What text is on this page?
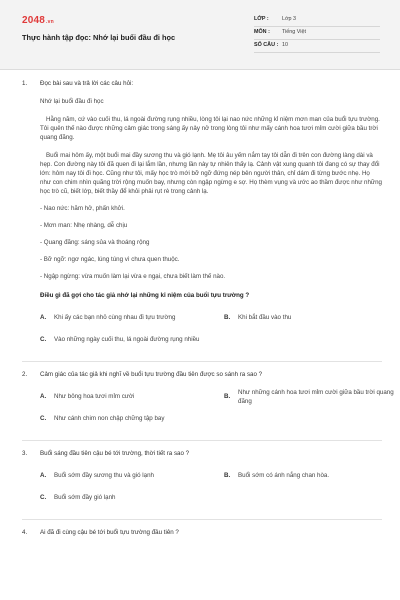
2048.vn
Thực hành tập đọc: Nhớ lại buổi đầu đi học
LỚP :	Lớp 3
MÔN :	Tiếng Việt
SỐ CÂU : 10
1. Đọc bài sau và trả lời các câu hỏi:

Nhớ lại buổi đầu đi học

Hằng năm, cứ vào cuối thu, lá ngoài đường rụng nhiều, lòng tôi lại nao nức những kỉ niệm mơn man của buổi tựu trường. Tôi quên thế nào được những cảm giác trong sáng ấy nảy nở trong lòng tôi như mấy cánh hoa tươi mỉm cười giữa bầu trời quang đãng.

Buổi mai hôm ấy, một buổi mai đầy sương thu và gió lạnh. Mẹ tôi âu yếm nắm tay tôi dẫn đi trên con đường làng dài và hẹp. Con đường này tôi đã quen đi lại lắm lần, nhưng lần này tự nhiên thấy lạ. Cảnh vật xung quanh tôi đang có sự thay đổi lớn: hôm nay tôi đi học. Cũng như tôi, mấy học trò mới bỡ ngỡ đứng nép bên người thân, chỉ dám đi từng bước nhẹ. Họ như con chim nhìn quãng trời rộng muốn bay, nhưng còn ngập ngừng e sợ. Họ thèm vụng và ước ao thầm được như những học trò cũ, biết lớp, biết thầy để khỏi phải rụt rè trong cảnh lạ.

- Nao nức: hăm hở, phấn khởi.
- Mơn man: Nhẹ nhàng, dễ chịu
- Quang đãng: sáng sủa và thoáng rộng
- Bỡ ngỡ: ngơ ngác, lúng túng vì chưa quen thuộc.
- Ngập ngừng: vừa muốn làm lại vừa e ngại, chưa biết làm thế nào.
Điều gì đã gợi cho tác giả nhớ lại những kỉ niệm của buổi tựu trường ?
A.	Khi ấy các bạn nhỏ cùng nhau đi tựu trường	B.	Khi bắt đầu vào thu
C.	Vào những ngày cuối thu, lá ngoài đường rụng nhiều
2. Cảm giác của tác giả khi nghĩ về buổi tựu trường đầu tiên được so sánh ra sao ?
A.	Như bông hoa tươi mỉm cười	B.
Như những cánh hoa tươi mỉm cười giữa bầu trời quang đãng
C.	Như cánh chim non chập chững tập bay
3. Buổi sáng đầu tiên cậu bé tới trường, thời tiết ra sao ?
A.	Buổi sớm đầy sương thu và gió lạnh	B.	Buổi sớm có ánh nắng chan hòa.
C.	Buổi sớm đầy gió lạnh
4. Ai đã đi cùng cậu bé tới buổi tựu trường đầu tiên ?
